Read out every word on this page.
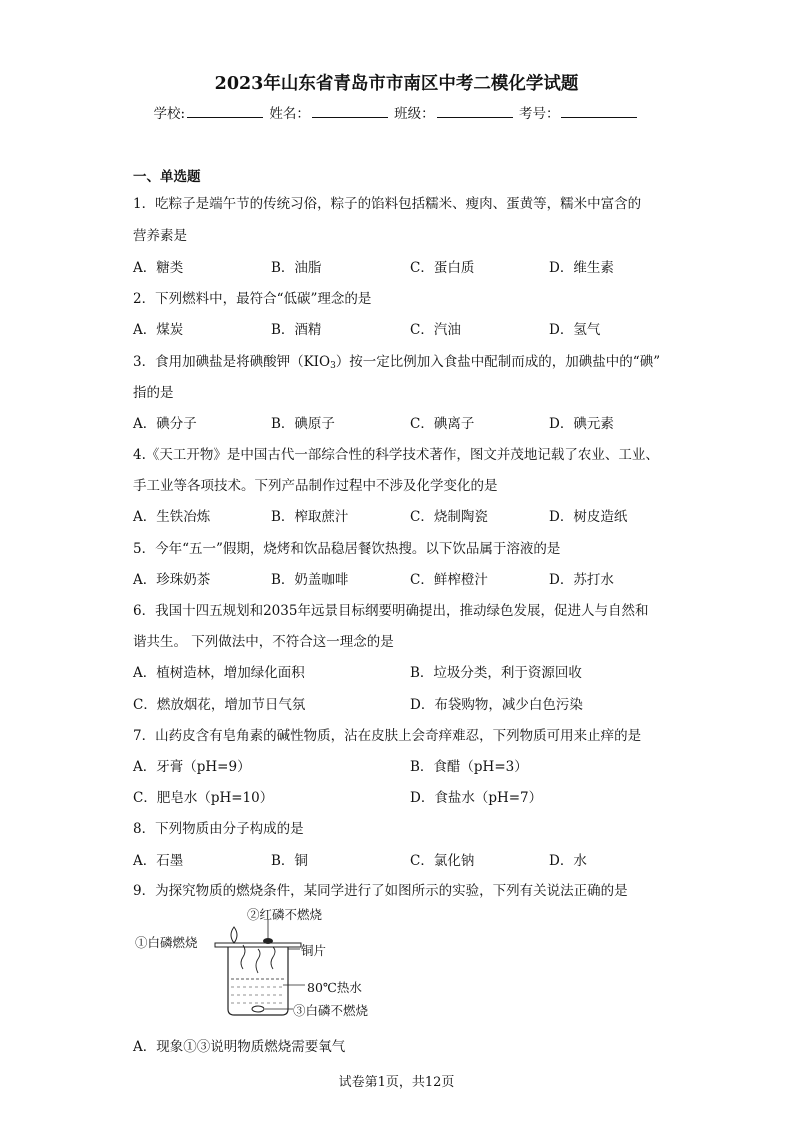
2023年山东省青岛市市南区中考二模化学试题
学校:	姓名：	班级：	考号：
一、单选题
1．吃粽子是端午节的传统习俗，粽子的馅料包括糯米、瘦肉、蛋黄等，糯米中富含的
营养素是
A．糖类	B．油脂	C．蛋白质	D．维生素
2．下列燃料中，最符合“低碳”理念的是
A．煤炭	B．酒精	C．汽油	D．氢气
3．食用加碘盐是将碘酸钾$(KIO_3)$按一定比例加入食盐中配制而成的，加碘盐中的“碘”
指的是
A．碘分子	B．碘原子	C．碘离子	D．碘元素
4.《天工开物》是中国古代一部综合性的科学技术著作，图文并茂地记载了农业、工业、
手工业等各项技术。下列产品制作过程中不涉及化学变化的是
A．生铁冶炼	B．榨取蔗汁	C．烧制陶瓷	D．树皮造纸
5．今年“五一”假期，烧烤和饮品稳居餐饮热搜。以下饮品属于溶液的是
A．珍珠奶茶	B．奶盖咖啡	C．鲜榨橙汁	D．苏打水
6．我国十四五规划和2035年远景目标纲要明确提出，推动绿色发展，促进人与自然和
谐共生。 下列做法中，不符合这一理念的是
A．植树造林，增加绿化面积	B．垃圾分类，利于资源回收
C．燃放烟花，增加节日气氛	D．布袋购物，减少白色污染
7．山药皮含有皂角素的碱性物质，沾在皮肤上会奇痒难忍，下列物质可用来止痒的是
A．牙膏（pH=9）	B．食醋（pH=3）
C．肥皂水（pH=10）	D．食盐水（pH=7）
8．下列物质由分子构成的是
A．石墨	B．铜	C．氯化钠	D．水
9．为探究物质的燃烧条件，某同学进行了如图所示的实验，下列有关说法正确的是
①白磷燃烧
②红磷不燃烧
铜片
80℃热水
③白磷不燃烧
A．现象①③说明物质燃烧需要氧气
试卷第1页，共12页
